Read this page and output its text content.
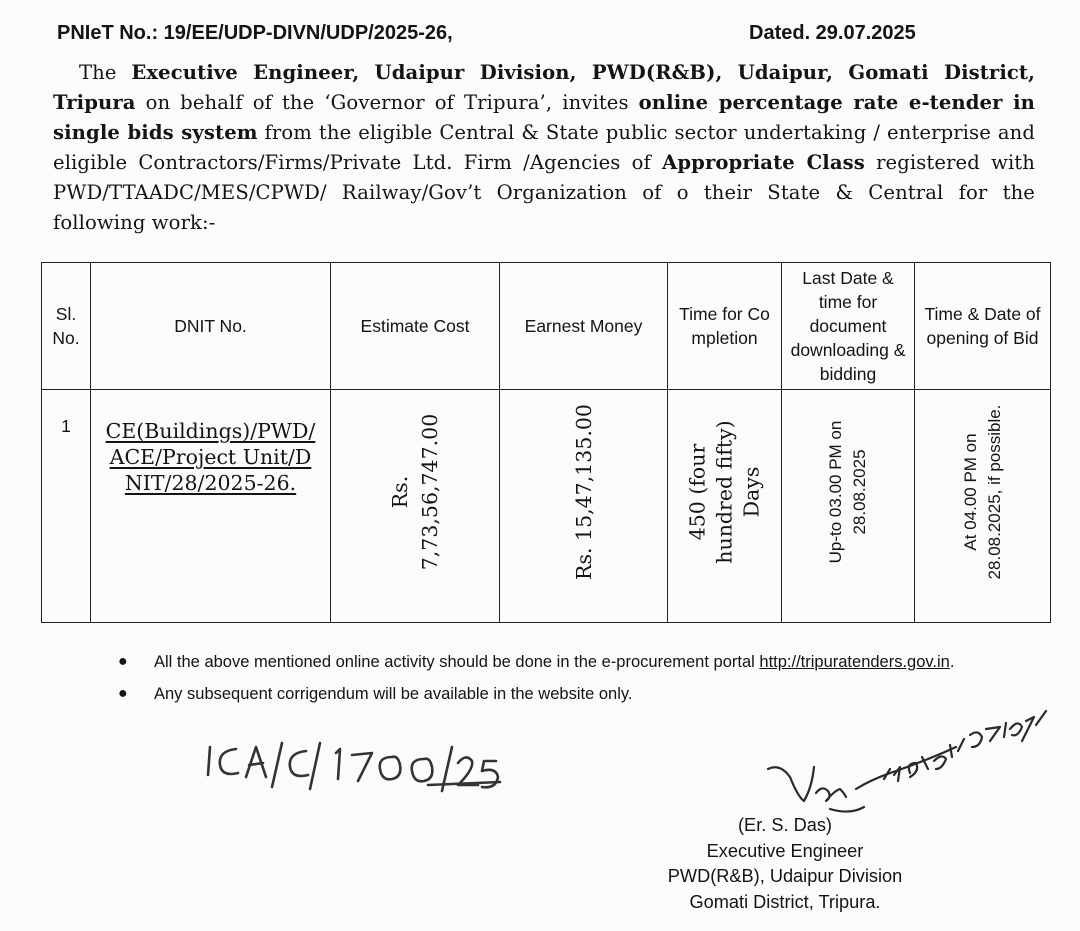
PNIeT No.: 19/EE/UDP-DIVN/UDP/2025-26,	Dated. 29.07.2025
The Executive Engineer, Udaipur Division, PWD(R&B), Udaipur, Gomati District, Tripura on behalf of the ‘Governor of Tripura’, invites online percentage rate e-tender in single bids system from the eligible Central & State public sector undertaking / enterprise and eligible Contractors/Firms/Private Ltd. Firm /Agencies of Appropriate Class registered with PWD/TTAADC/MES/CPWD/ Railway/Gov’t Organization of o their State & Central for the following work:-
Sl. No.	DNIT No.	Estimate Cost	Earnest Money	Time for Completion	Last Date & time for document downloading & bidding	Time & Date of opening of Bid
1	CE(Buildings)/PWD/ACE/Project Unit/DNIT/28/2025-26.	Rs. 7,73,56,747.00	Rs. 15,47,135.00	450 (four hundred fifty) Days	Up-to 03.00 PM on 28.08.2025	At 04.00 PM on 28.08.2025, if possible.
● All the above mentioned online activity should be done in the e-procurement portal http://tripuratenders.gov.in.
● Any subsequent corrigendum will be available in the website only.
(Er. S. Das)
Executive Engineer
PWD(R&B), Udaipur Division
Gomati District, Tripura.
